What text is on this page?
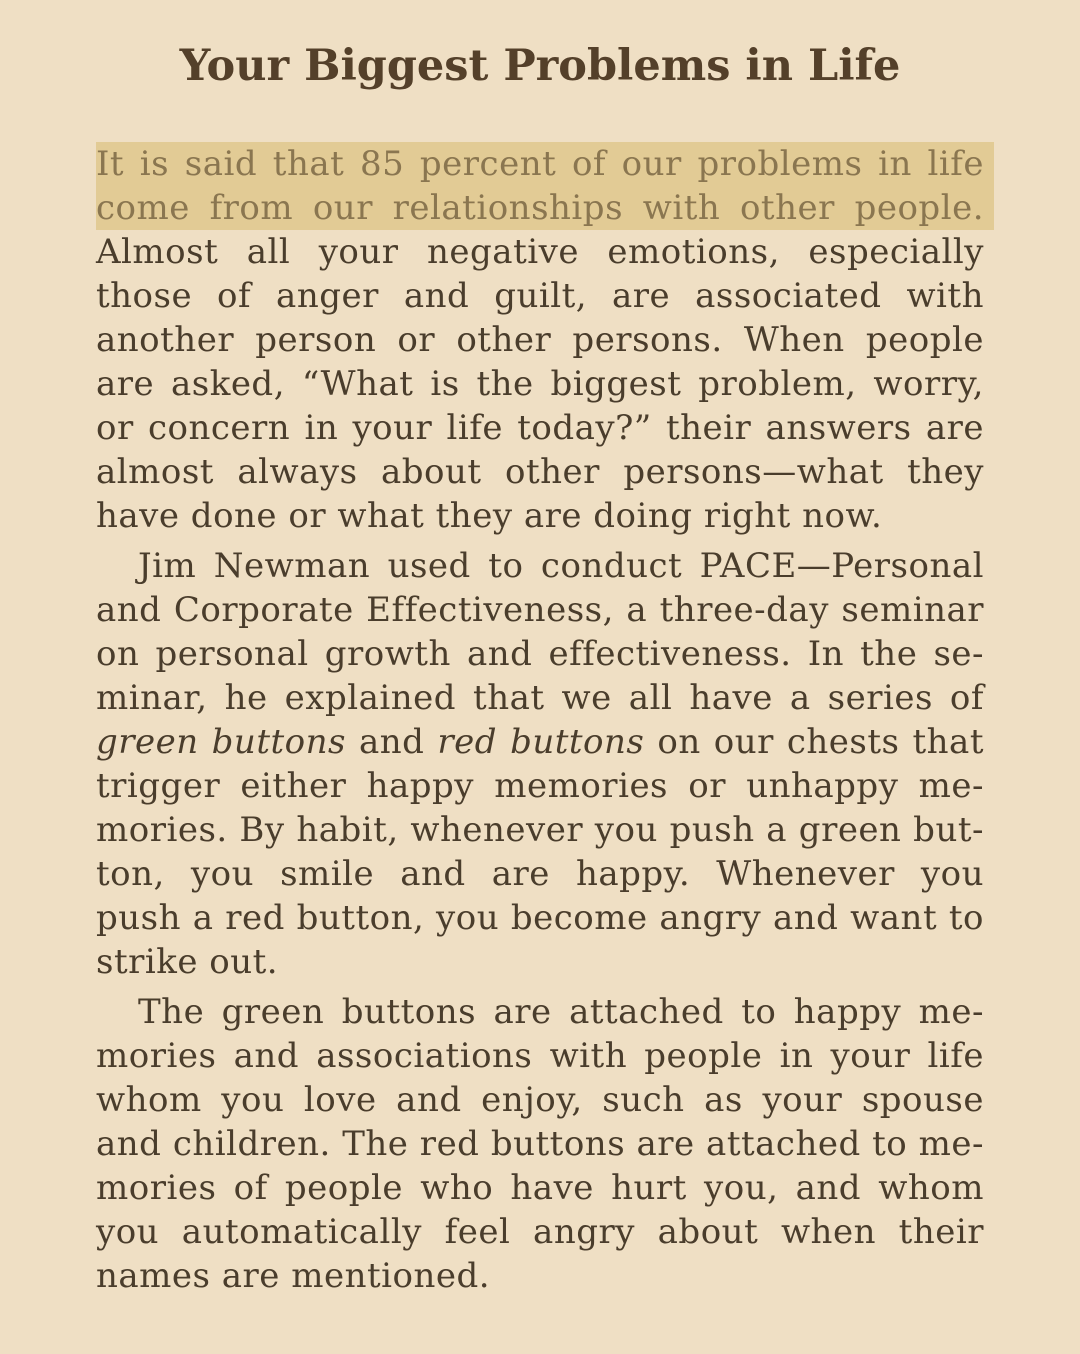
Your Biggest Problems in Life

It is said that 85 percent of our problems in life
come from our relationships with other people.
Almost all your negative emotions, especially
those of anger and guilt, are associated with
another person or other persons. When people
are asked, “What is the biggest problem, worry,
or concern in your life today?” their answers are
almost always about other persons—what they
have done or what they are doing right now.

Jim Newman used to conduct PACE—Personal
and Corporate Effectiveness, a three-day seminar
on personal growth and effectiveness. In the se-
minar, he explained that we all have a series of
green buttons and red buttons on our chests that
trigger either happy memories or unhappy me-
mories. By habit, whenever you push a green but-
ton, you smile and are happy. Whenever you
push a red button, you become angry and want to
strike out.

The green buttons are attached to happy me-
mories and associations with people in your life
whom you love and enjoy, such as your spouse
and children. The red buttons are attached to me-
mories of people who have hurt you, and whom
you automatically feel angry about when their
names are mentioned.
